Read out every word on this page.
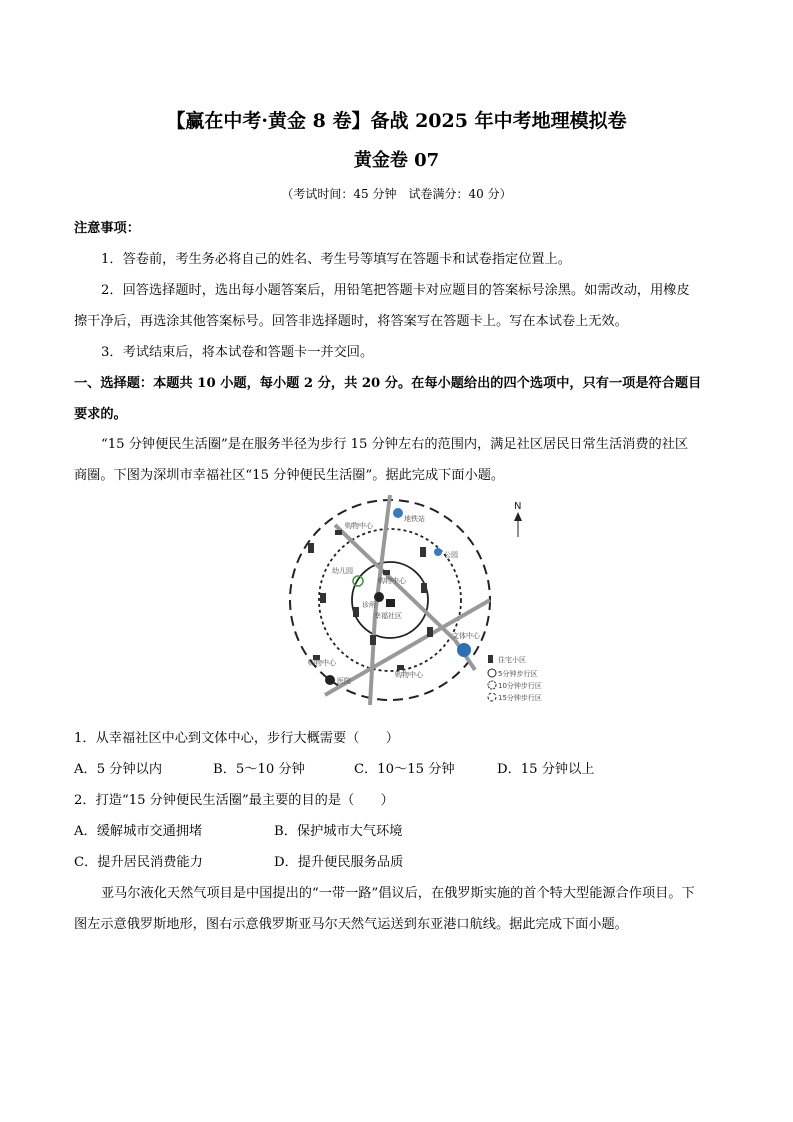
【赢在中考·黄金 8 卷】备战 2025 年中考地理模拟卷
黄金卷 07
（考试时间：45 分钟　试卷满分：40 分）
注意事项：
1．答卷前，考生务必将自己的姓名、考生号等填写在答题卡和试卷指定位置上。
2．回答选择题时，选出每小题答案后，用铅笔把答题卡对应题目的答案标号涂黑。如需改动，用橡皮
擦干净后，再选涂其他答案标号。回答非选择题时，将答案写在答题卡上。写在本试卷上无效。
3．考试结束后，将本试卷和答题卡一并交回。
一、选择题：本题共 10 小题，每小题 2 分，共 20 分。在每小题给出的四个选项中，只有一项是符合题目
要求的。
“15 分钟便民生活圈”是在服务半径为步行 15 分钟左右的范围内，满足社区居民日常生活消费的社区
商圈。下图为深圳市幸福社区“15 分钟便民生活圈”。据此完成下面小题。
地铁站
购物中心
公园
幼儿园
购物中心
诊所
幸福社区
文体中心
购物中心
医院
购物中心
N
住宅小区
5分钟步行区
10分钟步行区
15分钟步行区
1．从幸福社区中心到文体中心，步行大概需要（　　）
A．5 分钟以内	B．5～10 分钟	C．10～15 分钟	D．15 分钟以上
2．打造“15 分钟便民生活圈”最主要的目的是（　　）
A．缓解城市交通拥堵	B．保护城市大气环境
C．提升居民消费能力	D．提升便民服务品质
亚马尔液化天然气项目是中国提出的“一带一路”倡议后，在俄罗斯实施的首个特大型能源合作项目。下
图左示意俄罗斯地形，图右示意俄罗斯亚马尔天然气运送到东亚港口航线。据此完成下面小题。
